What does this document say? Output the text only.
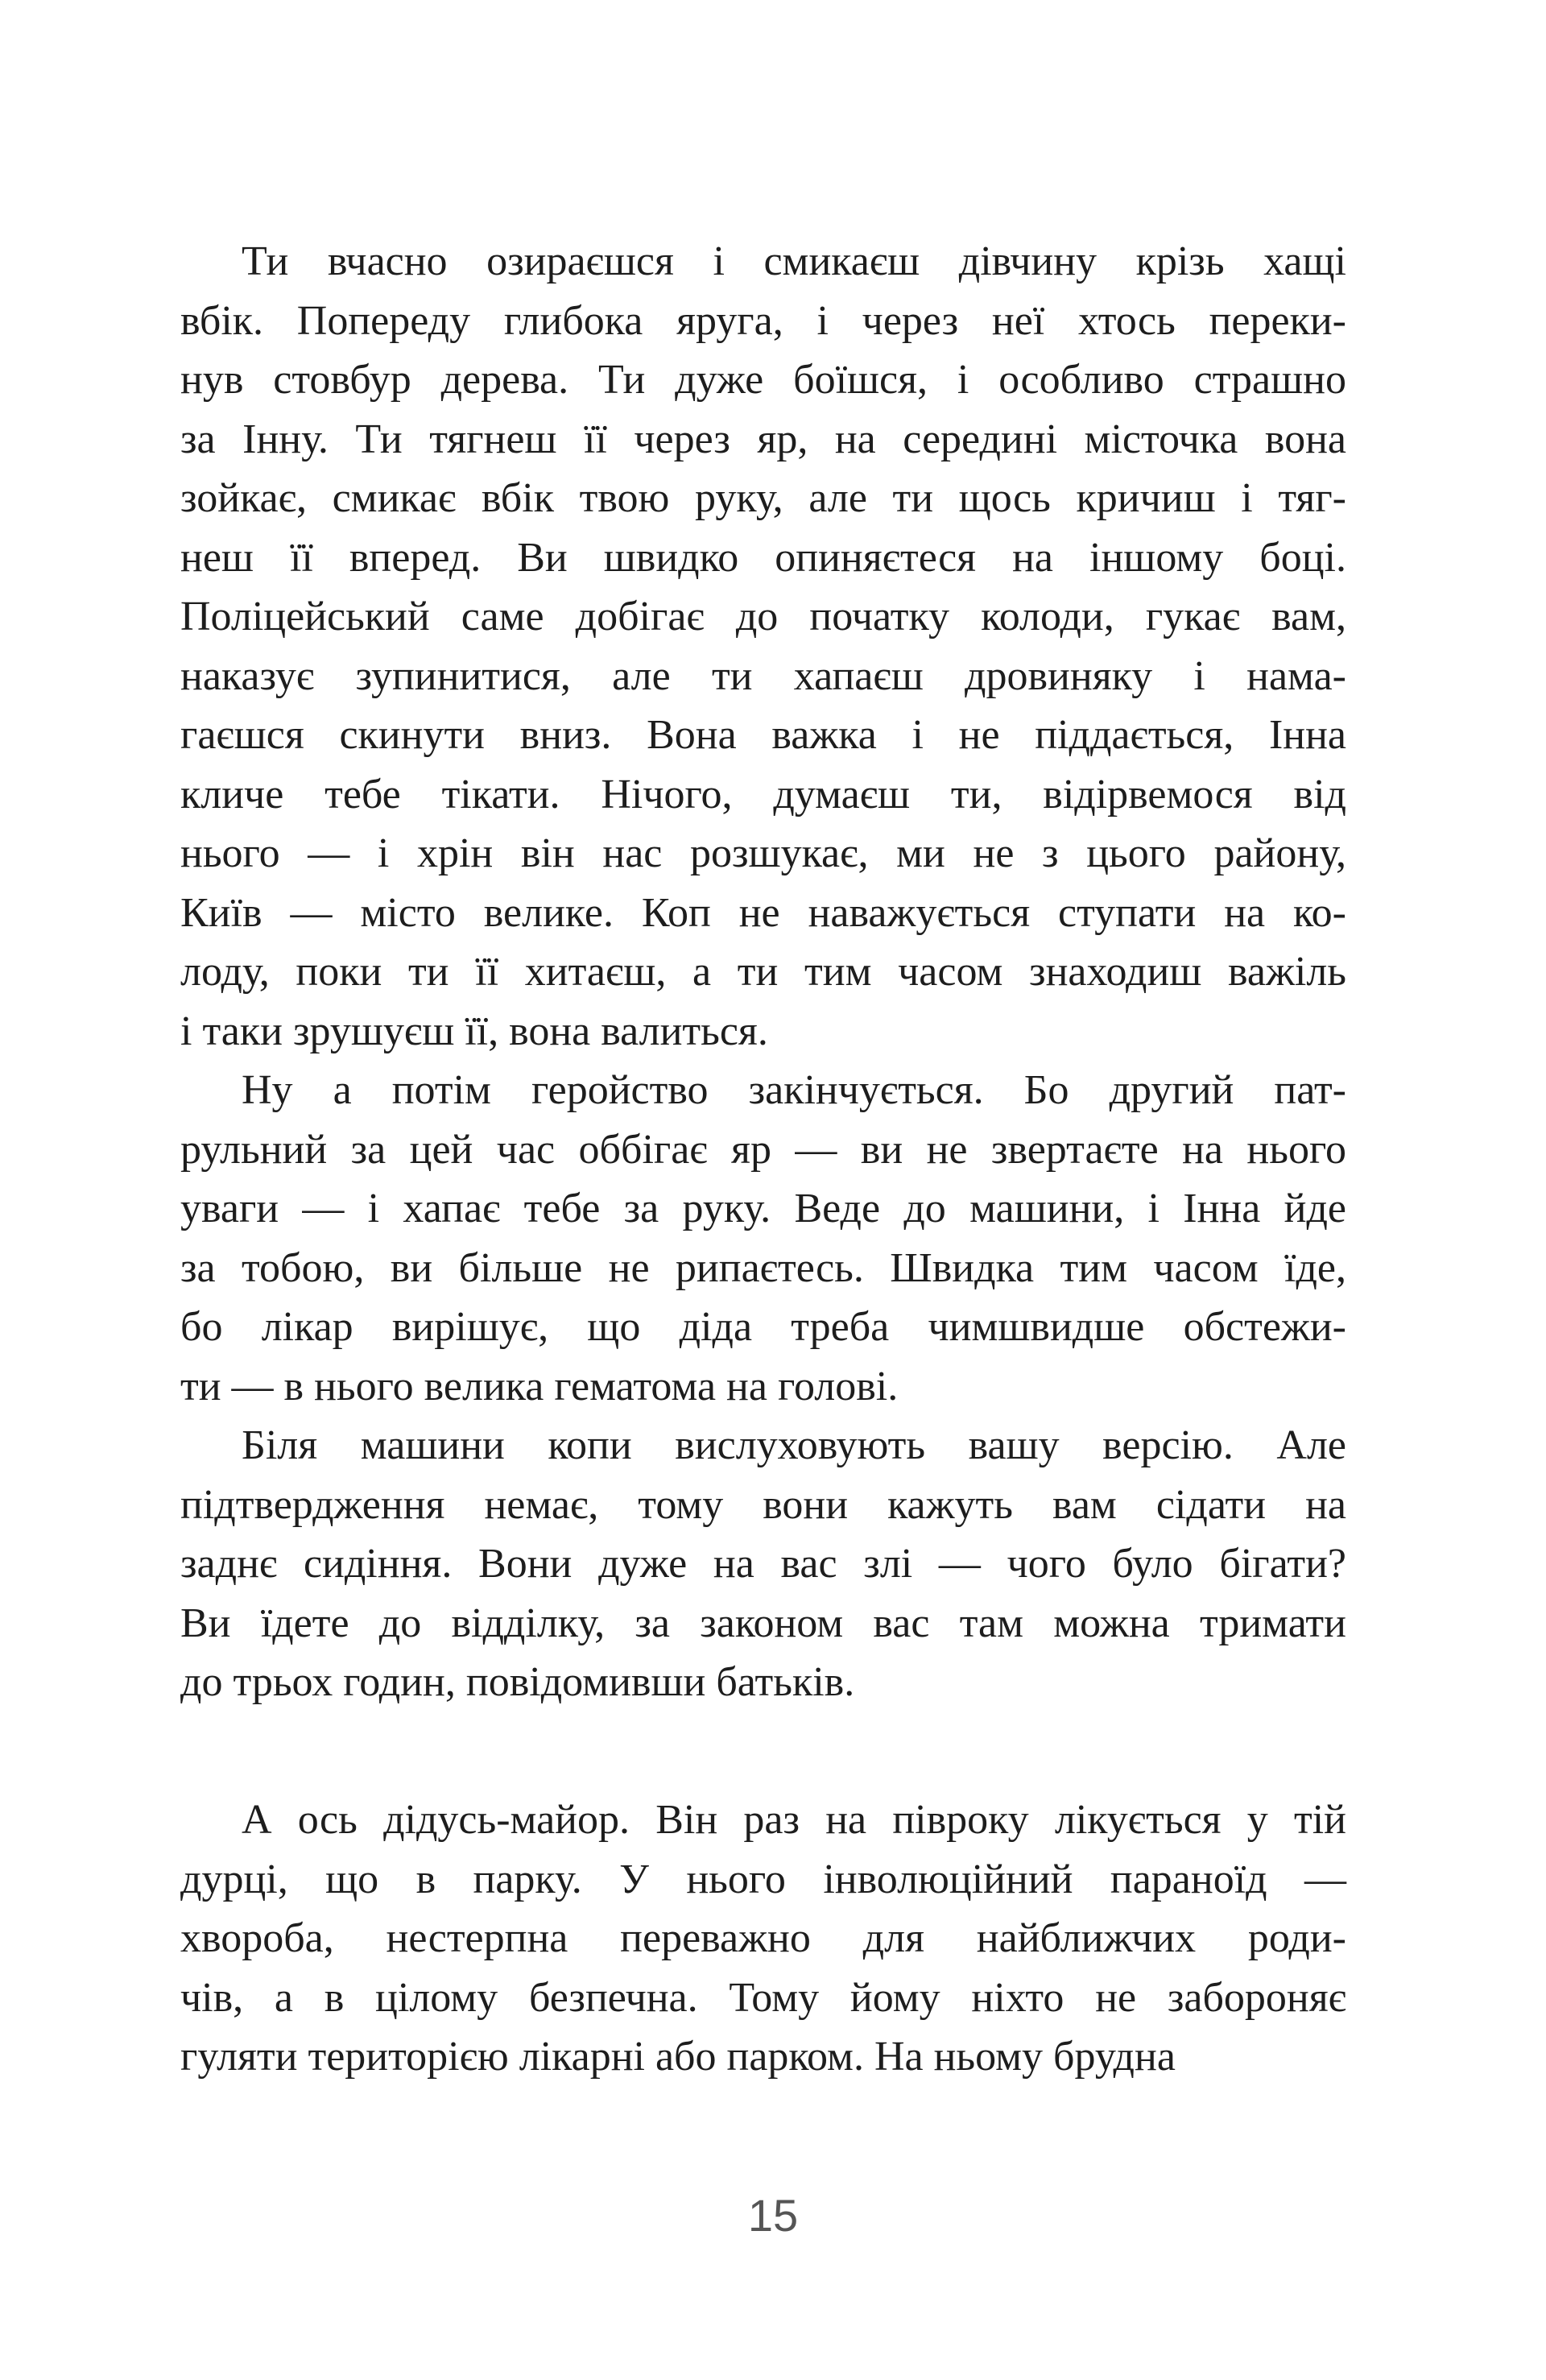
Ти вчасно озираєшся і смикаєш дівчину крізь хащі
вбік. Попереду глибока яруга, і через неї хтось переки-
нув стовбур дерева. Ти дуже боїшся, і особливо страшно
за Інну. Ти тягнеш її через яр, на середині місточка вона
зойкає, смикає вбік твою руку, але ти щось кричиш і тяг-
неш її вперед. Ви швидко опиняєтеся на іншому боці.
Поліцейський саме добігає до початку колоди, гукає вам,
наказує зупинитися, але ти хапаєш дровиняку і нама-
гаєшся скинути вниз. Вона важка і не піддається, Інна
кличе тебе тікати. Нічого, думаєш ти, відірвемося від
нього — і хрін він нас розшукає, ми не з цього району,
Київ — місто велике. Коп не наважується ступати на ко-
лоду, поки ти її хитаєш, а ти тим часом знаходиш важіль
і таки зрушуєш її, вона валиться.
Ну а потім геройство закінчується. Бо другий пат-
рульний за цей час оббігає яр — ви не звертаєте на нього
уваги — і хапає тебе за руку. Веде до машини, і Інна йде
за тобою, ви більше не рипаєтесь. Швидка тим часом їде,
бо лікар вирішує, що діда треба чимшвидше обстежи-
ти — в нього велика гематома на голові.
Біля машини копи вислуховують вашу версію. Але
підтвердження немає, тому вони кажуть вам сідати на
заднє сидіння. Вони дуже на вас злі — чого було бігати?
Ви їдете до відділку, за законом вас там можна тримати
до трьох годин, повідомивши батьків.
А ось дідусь-майор. Він раз на півроку лікується у тій
дурці, що в парку. У нього інволюційний параноїд —
хвороба, нестерпна переважно для найближчих роди-
чів, а в цілому безпечна. Тому йому ніхто не забороняє
гуляти територією лікарні або парком. На ньому брудна
15
